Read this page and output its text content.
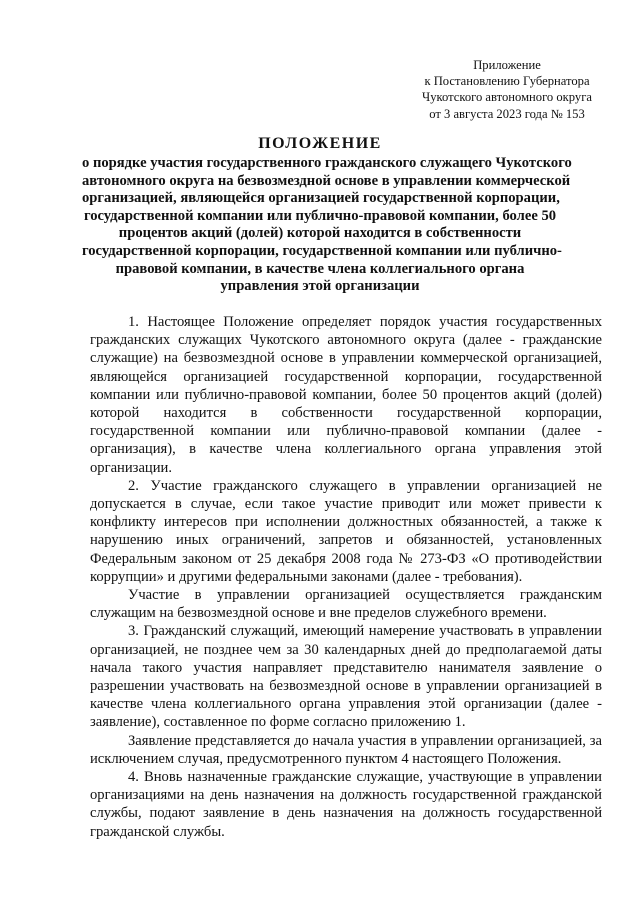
Приложение
к Постановлению Губернатора
Чукотского автономного округа
от 3 августа 2023 года № 153
ПОЛОЖЕНИЕ
о порядке участия государственного гражданского служащего Чукотского
автономного округа на безвозмездной основе в управлении коммерческой
организацией, являющейся организацией государственной корпорации,
государственной компании или публично-правовой компании, более 50
процентов акций (долей) которой находится в собственности
государственной корпорации, государственной компании или публично-
правовой компании, в качестве члена коллегиального органа
управления этой организации

1. Настоящее Положение определяет порядок участия государственных гражданских служащих Чукотского автономного округа (далее - гражданские служащие) на безвозмездной основе в управлении коммерческой организацией, являющейся организацией государственной корпорации, государственной компании или публично-правовой компании, более 50 процентов акций (долей) которой находится в собственности государственной корпорации, государственной компании или публично-правовой компании (далее - организация), в качестве члена коллегиального органа управления этой организации.

2. Участие гражданского служащего в управлении организацией не допускается в случае, если такое участие приводит или может привести к конфликту интересов при исполнении должностных обязанностей, а также к нарушению иных ограничений, запретов и обязанностей, установленных Федеральным законом от 25 декабря 2008 года № 273-ФЗ «О противодействии коррупции» и другими федеральными законами (далее - требования).

Участие в управлении организацией осуществляется гражданским служащим на безвозмездной основе и вне пределов служебного времени.

3. Гражданский служащий, имеющий намерение участвовать в управлении организацией, не позднее чем за 30 календарных дней до предполагаемой даты начала такого участия направляет представителю нанимателя заявление о разрешении участвовать на безвозмездной основе в управлении организацией в качестве члена коллегиального органа управления этой организации (далее - заявление), составленное по форме согласно приложению 1.

Заявление представляется до начала участия в управлении организацией, за исключением случая, предусмотренного пунктом 4 настоящего Положения.

4. Вновь назначенные гражданские служащие, участвующие в управлении организациями на день назначения на должность государственной гражданской службы, подают заявление в день назначения на должность государственной гражданской службы.
